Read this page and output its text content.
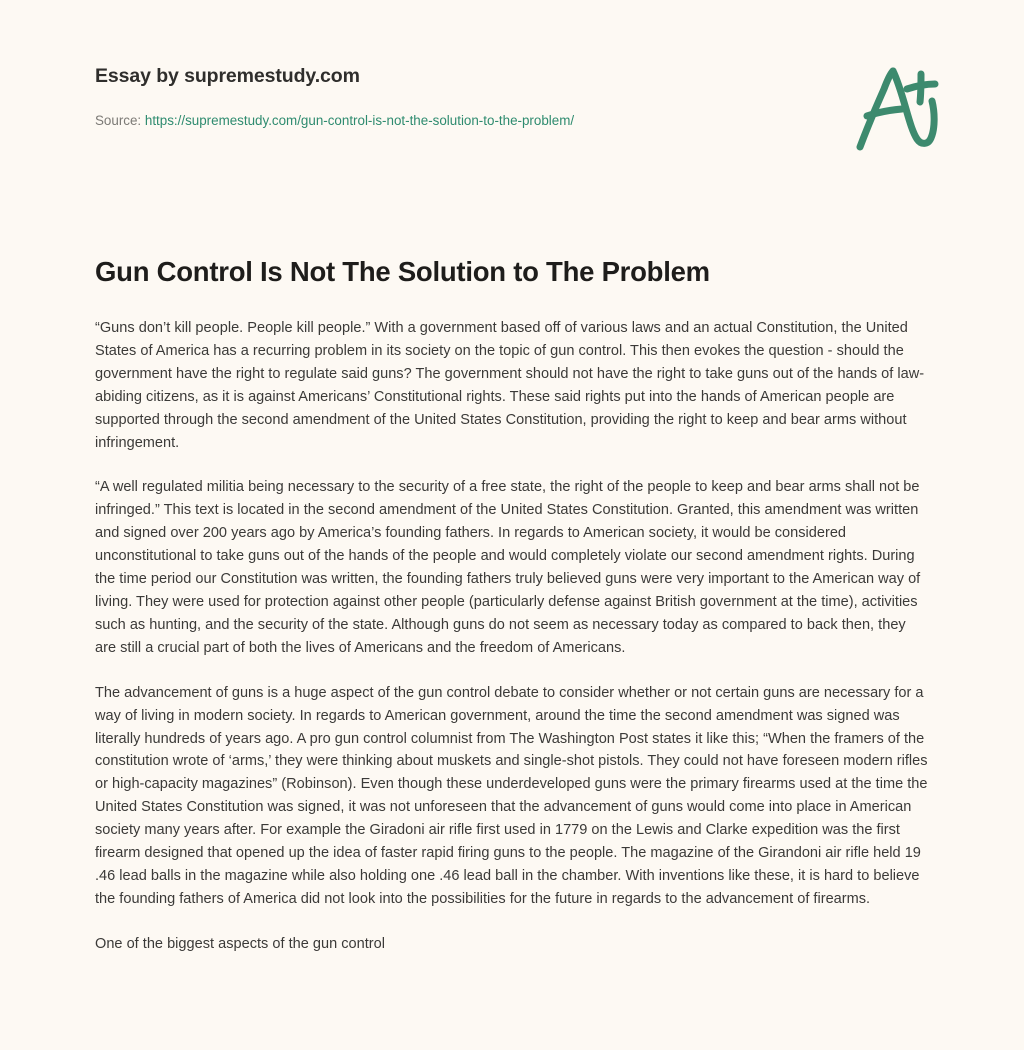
Essay by supremestudy.com
Source: https://supremestudy.com/gun-control-is-not-the-solution-to-the-problem/
Gun Control Is Not The Solution to The Problem

“Guns don’t kill people. People kill people.” With a government based off of various laws and an actual Constitution, the United States of America has a recurring problem in its society on the topic of gun control. This then evokes the question - should the government have the right to regulate said guns? The government should not have the right to take guns out of the hands of law-abiding citizens, as it is against Americans’ Constitutional rights. These said rights put into the hands of American people are supported through the second amendment of the United States Constitution, providing the right to keep and bear arms without infringement.

“A well regulated militia being necessary to the security of a free state, the right of the people to keep and bear arms shall not be infringed.” This text is located in the second amendment of the United States Constitution. Granted, this amendment was written and signed over 200 years ago by America’s founding fathers. In regards to American society, it would be considered unconstitutional to take guns out of the hands of the people and would completely violate our second amendment rights. During the time period our Constitution was written, the founding fathers truly believed guns were very important to the American way of living. They were used for protection against other people (particularly defense against British government at the time), activities such as hunting, and the security of the state. Although guns do not seem as necessary today as compared to back then, they are still a crucial part of both the lives of Americans and the freedom of Americans.

The advancement of guns is a huge aspect of the gun control debate to consider whether or not certain guns are necessary for a way of living in modern society. In regards to American government, around the time the second amendment was signed was literally hundreds of years ago. A pro gun control columnist from The Washington Post states it like this; “When the framers of the constitution wrote of ‘arms,’ they were thinking about muskets and single-shot pistols. They could not have foreseen modern rifles or high-capacity magazines” (Robinson). Even though these underdeveloped guns were the primary firearms used at the time the United States Constitution was signed, it was not unforeseen that the advancement of guns would come into place in American society many years after. For example the Giradoni air rifle first used in 1779 on the Lewis and Clarke expedition was the first firearm designed that opened up the idea of faster rapid firing guns to the people. The magazine of the Girandoni air rifle held 19 .46 lead balls in the magazine while also holding one .46 lead ball in the chamber. With inventions like these, it is hard to believe the founding fathers of America did not look into the possibilities for the future in regards to the advancement of firearms.

One of the biggest aspects of the gun control
